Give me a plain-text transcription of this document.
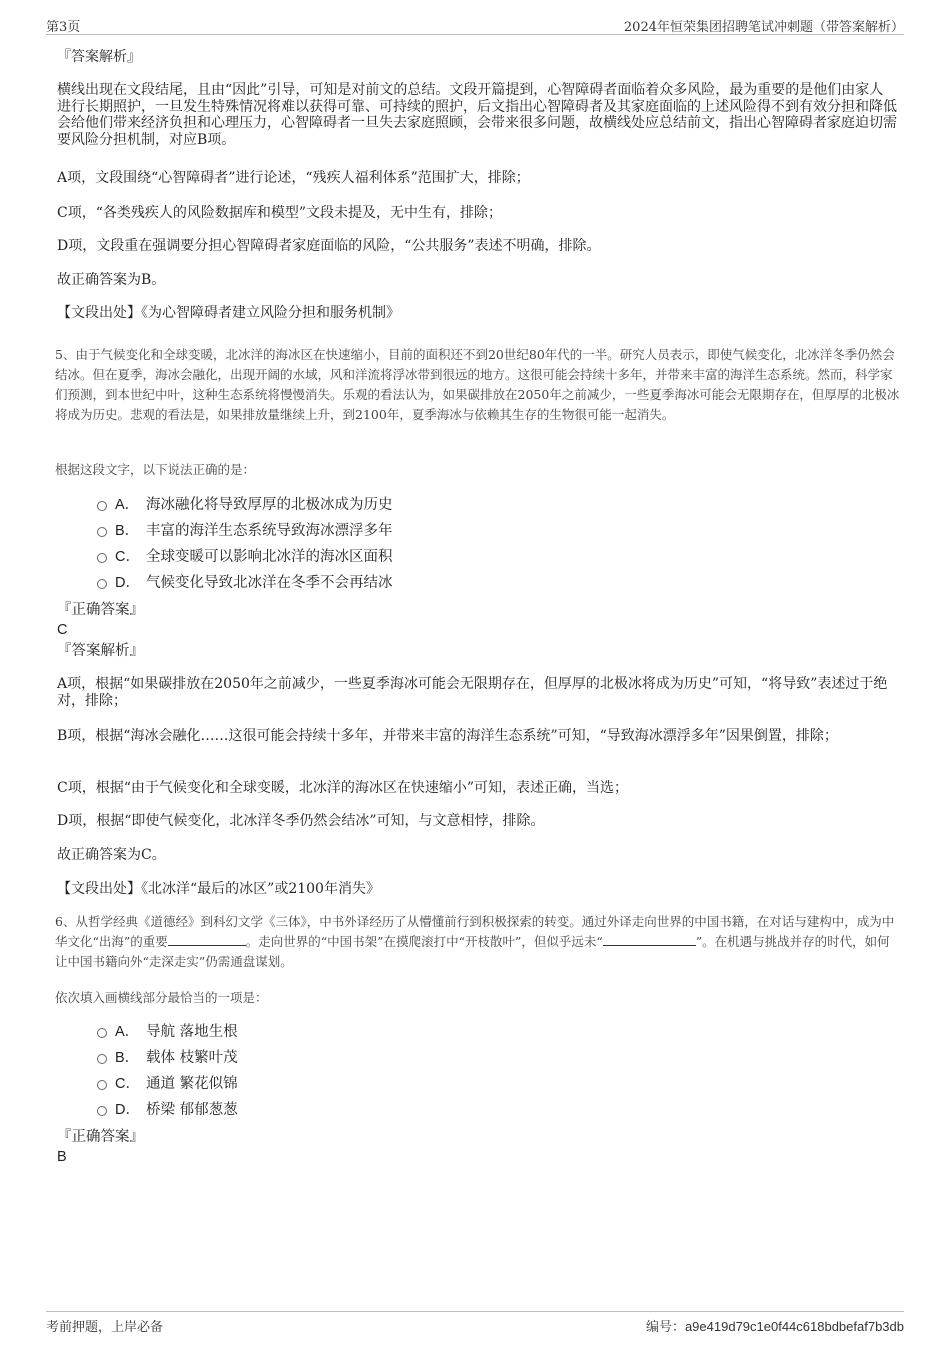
第3页	2024年恒荣集团招聘笔试冲刺题（带答案解析）

『答案解析』

横线出现在文段结尾，且由“因此”引导，可知是对前文的总结。文段开篇提到，心智障碍者面临着众多风险，最为重要的是他们由家人进行长期照护，一旦发生特殊情况将难以获得可靠、可持续的照护，后文指出心智障碍者及其家庭面临的上述风险得不到有效分担和降低会给他们带来经济负担和心理压力，心智障碍者一旦失去家庭照顾，会带来很多问题，故横线处应总结前文，指出心智障碍者家庭迫切需要风险分担机制，对应B项。

A项，文段围绕“心智障碍者”进行论述，“残疾人福利体系”范围扩大，排除；

C项，“各类残疾人的风险数据库和模型”文段未提及，无中生有，排除；

D项，文段重在强调要分担心智障碍者家庭面临的风险，“公共服务”表述不明确，排除。

故正确答案为B。

【文段出处】《为心智障碍者建立风险分担和服务机制》

5、由于气候变化和全球变暖，北冰洋的海冰区在快速缩小，目前的面积还不到20世纪80年代的一半。研究人员表示，即使气候变化，北冰洋冬季仍然会结冰。但在夏季，海冰会融化，出现开阔的水域，风和洋流将浮冰带到很远的地方。这很可能会持续十多年，并带来丰富的海洋生态系统。然而，科学家们预测，到本世纪中叶，这种生态系统将慢慢消失。乐观的看法认为，如果碳排放在2050年之前减少，一些夏季海冰可能会无限期存在，但厚厚的北极冰将成为历史。悲观的看法是，如果排放量继续上升，到2100年，夏季海冰与依赖其生存的生物很可能一起消失。

根据这段文字，以下说法正确的是：

A． 海冰融化将导致厚厚的北极冰成为历史
B． 丰富的海洋生态系统导致海冰漂浮多年
C． 全球变暖可以影响北冰洋的海冰区面积
D． 气候变化导致北冰洋在冬季不会再结冰

『正确答案』

C

『答案解析』

A项，根据“如果碳排放在2050年之前减少，一些夏季海冰可能会无限期存在，但厚厚的北极冰将成为历史”可知，“将导致”表述过于绝对，排除；

B项，根据“海冰会融化……这很可能会持续十多年，并带来丰富的海洋生态系统”可知，“导致海冰漂浮多年”因果倒置，排除；

C项，根据“由于气候变化和全球变暖，北冰洋的海冰区在快速缩小”可知，表述正确，当选；

D项，根据“即使气候变化，北冰洋冬季仍然会结冰”可知，与文意相悖，排除。

故正确答案为C。

【文段出处】《北冰洋“最后的冰区”或2100年消失》

6、从哲学经典《道德经》到科幻文学《三体》，中书外译经历了从懵懂前行到积极探索的转变。通过外译走向世界的中国书籍，在对话与建构中，成为中华文化“出海”的重要	。走向世界的“中国书架”在摸爬滚打中“开枝散叶”，但似乎远未“	”。在机遇与挑战并存的时代，如何让中国书籍向外“走深走实”仍需通盘谋划。

依次填入画横线部分最恰当的一项是：

A． 导航 落地生根
B． 载体 枝繁叶茂
C． 通道 繁花似锦
D． 桥梁 郁郁葱葱

『正确答案』

B

考前押题，上岸必备	编号：a9e419d79c1e0f44c618bdbefaf7b3db
